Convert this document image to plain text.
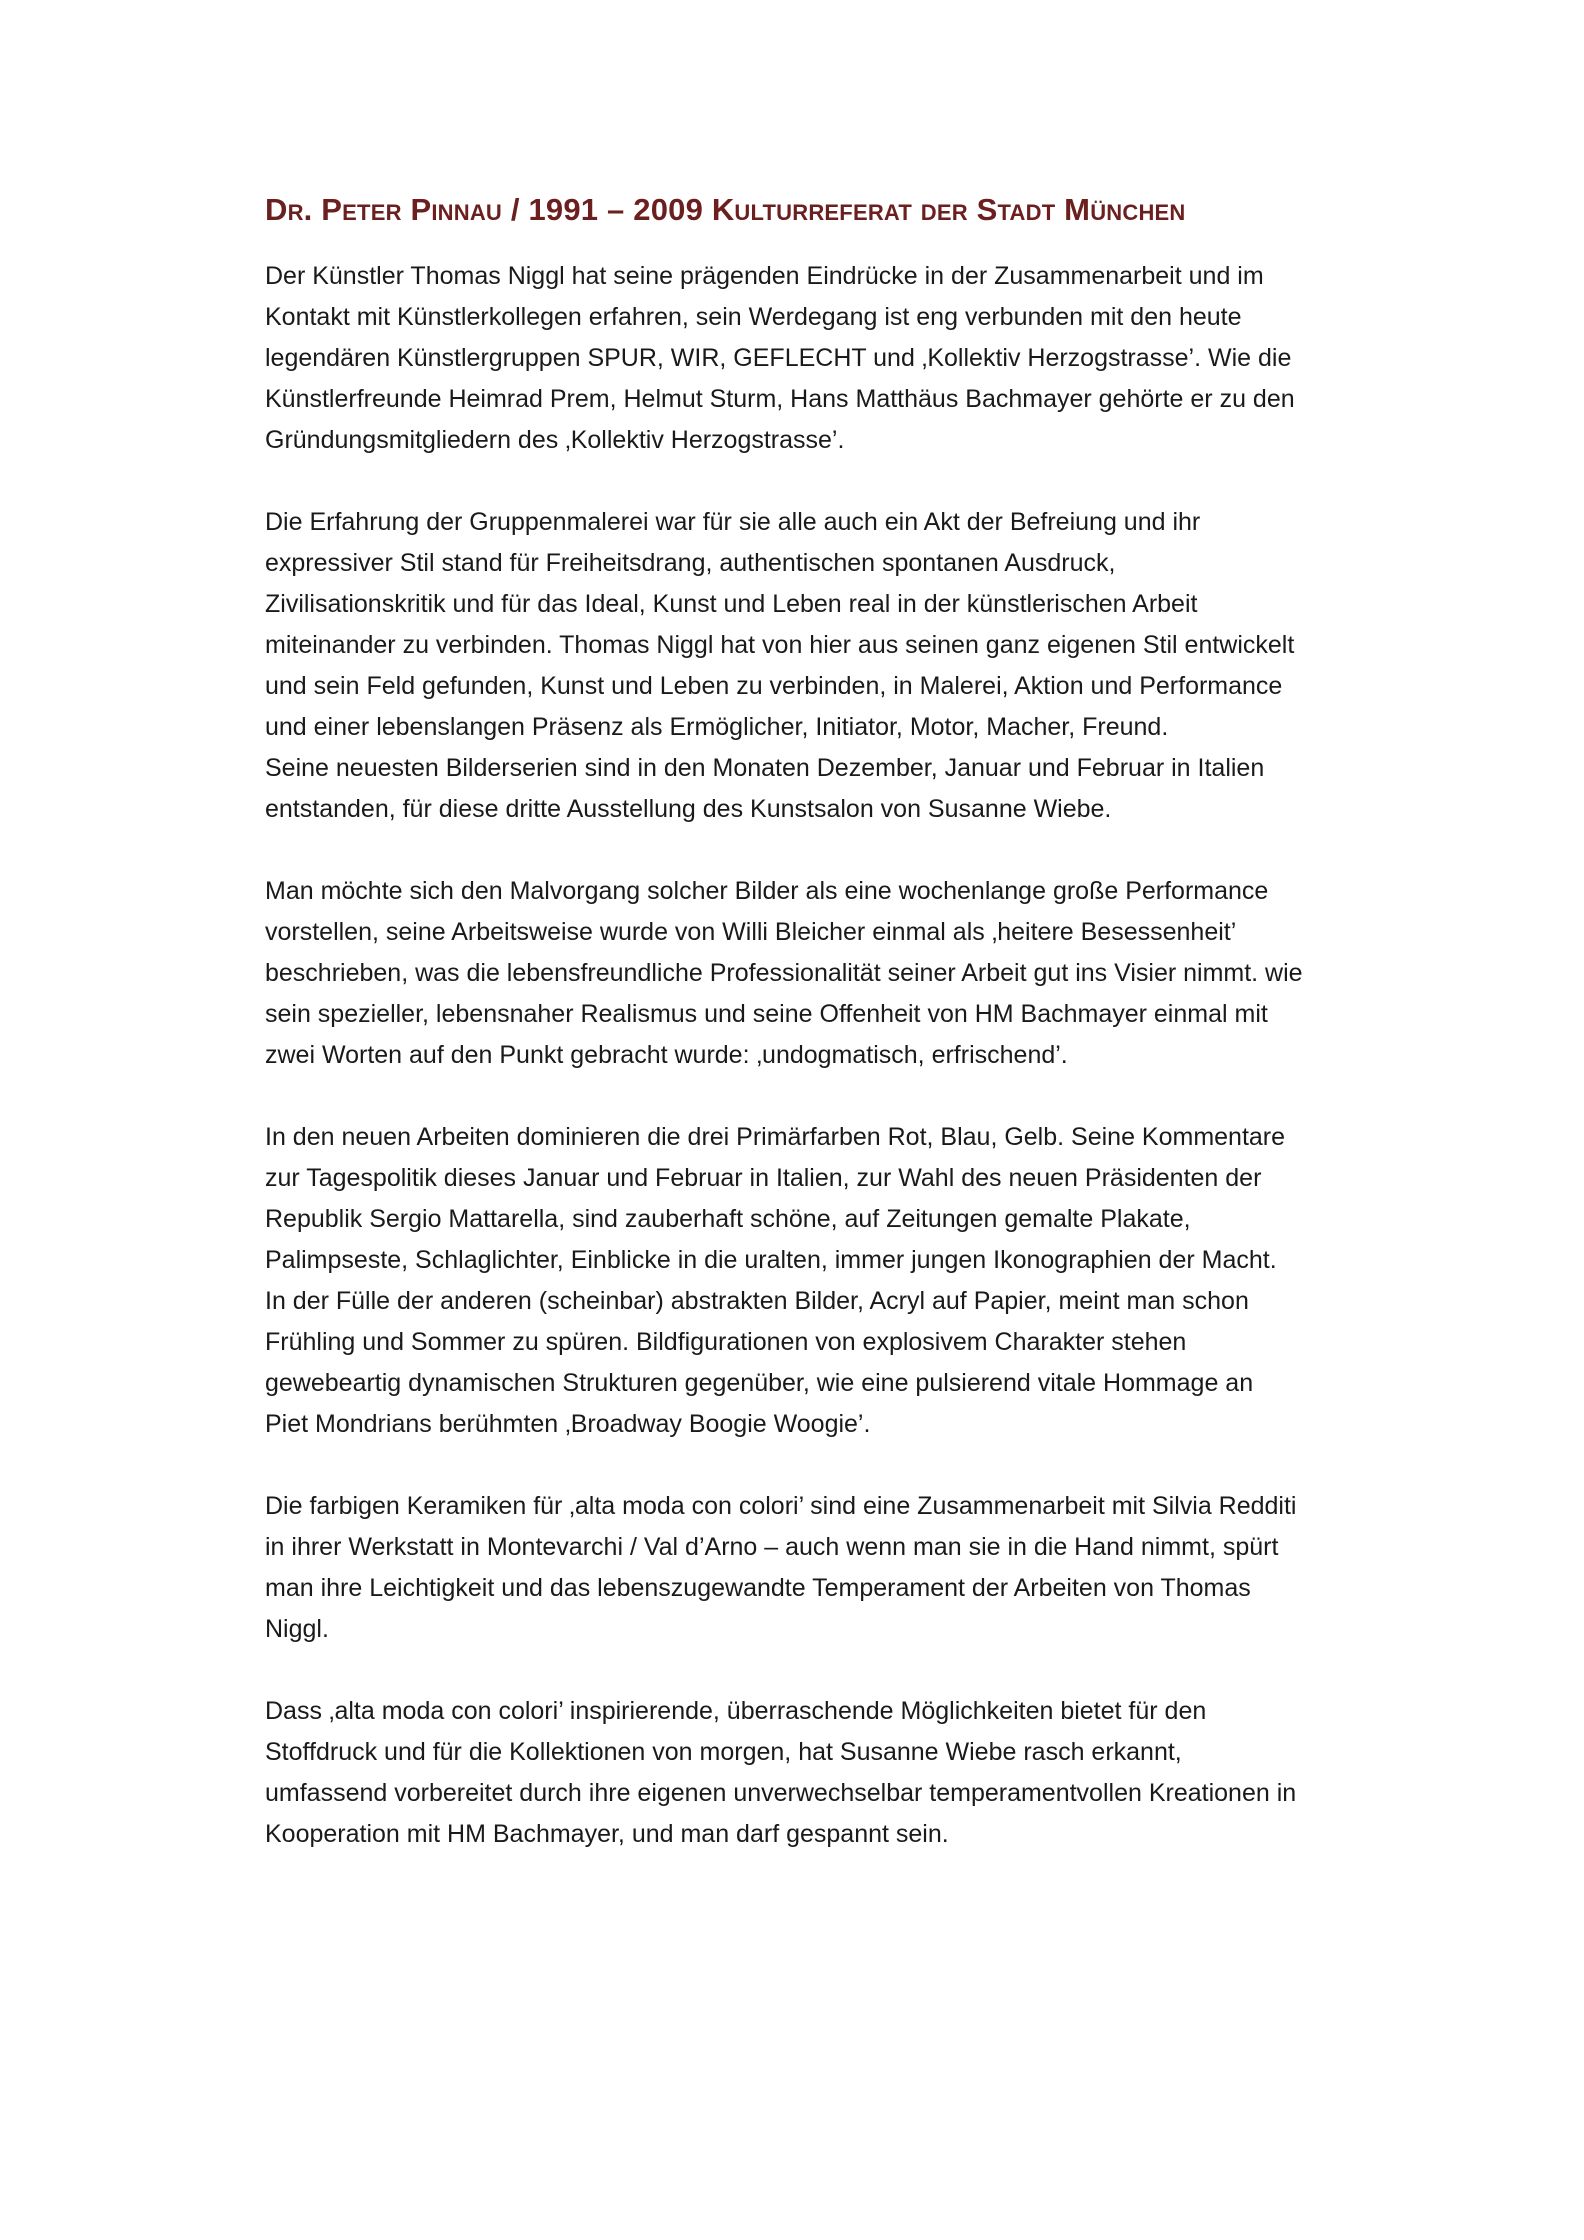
Dr. Peter Pinnau / 1991 – 2009 Kulturreferat der Stadt München

Der Künstler Thomas Niggl hat seine prägenden Eindrücke in der Zusammenarbeit und im
Kontakt mit Künstlerkollegen erfahren, sein Werdegang ist eng verbunden mit den heute
legendären Künstlergruppen SPUR, WIR, GEFLECHT und ‚Kollektiv Herzogstrasse’. Wie die
Künstlerfreunde Heimrad Prem, Helmut Sturm, Hans Matthäus Bachmayer gehörte er zu den
Gründungsmitgliedern des ‚Kollektiv Herzogstrasse’.

Die Erfahrung der Gruppenmalerei war für sie alle auch ein Akt der Befreiung und ihr
expressiver Stil stand für Freiheitsdrang, authentischen spontanen Ausdruck,
Zivilisationskritik und für das Ideal, Kunst und Leben real in der künstlerischen Arbeit
miteinander zu verbinden. Thomas Niggl hat von hier aus seinen ganz eigenen Stil entwickelt
und sein Feld gefunden, Kunst und Leben zu verbinden, in Malerei, Aktion und Performance
und einer lebenslangen Präsenz als Ermöglicher, Initiator, Motor, Macher, Freund.
Seine neuesten Bilderserien sind in den Monaten Dezember, Januar und Februar in Italien
entstanden, für diese dritte Ausstellung des Kunstsalon von Susanne Wiebe.

Man möchte sich den Malvorgang solcher Bilder als eine wochenlange große Performance
vorstellen, seine Arbeitsweise wurde von Willi Bleicher einmal als ‚heitere Besessenheit’
beschrieben, was die lebensfreundliche Professionalität seiner Arbeit gut ins Visier nimmt. wie
sein spezieller, lebensnaher Realismus und seine Offenheit von HM Bachmayer einmal mit
zwei Worten auf den Punkt gebracht wurde: ‚undogmatisch, erfrischend’.

In den neuen Arbeiten dominieren die drei Primärfarben Rot, Blau, Gelb. Seine Kommentare
zur Tagespolitik dieses Januar und Februar in Italien, zur Wahl des neuen Präsidenten der
Republik Sergio Mattarella, sind zauberhaft schöne, auf Zeitungen gemalte Plakate,
Palimpseste, Schlaglichter, Einblicke in die uralten, immer jungen Ikonographien der Macht.
In der Fülle der anderen (scheinbar) abstrakten Bilder, Acryl auf Papier, meint man schon
Frühling und Sommer zu spüren. Bildfigurationen von explosivem Charakter stehen
gewebeartig dynamischen Strukturen gegenüber, wie eine pulsierend vitale Hommage an
Piet Mondrians berühmten ‚Broadway Boogie Woogie’.

Die farbigen Keramiken für ‚alta moda con colori’ sind eine Zusammenarbeit mit Silvia Redditi
in ihrer Werkstatt in Montevarchi / Val d’Arno – auch wenn man sie in die Hand nimmt, spürt
man ihre Leichtigkeit und das lebenszugewandte Temperament der Arbeiten von Thomas
Niggl.

Dass ‚alta moda con colori’ inspirierende, überraschende Möglichkeiten bietet für den
Stoffdruck und für die Kollektionen von morgen, hat Susanne Wiebe rasch erkannt,
umfassend vorbereitet durch ihre eigenen unverwechselbar temperamentvollen Kreationen in
Kooperation mit HM Bachmayer, und man darf gespannt sein.
